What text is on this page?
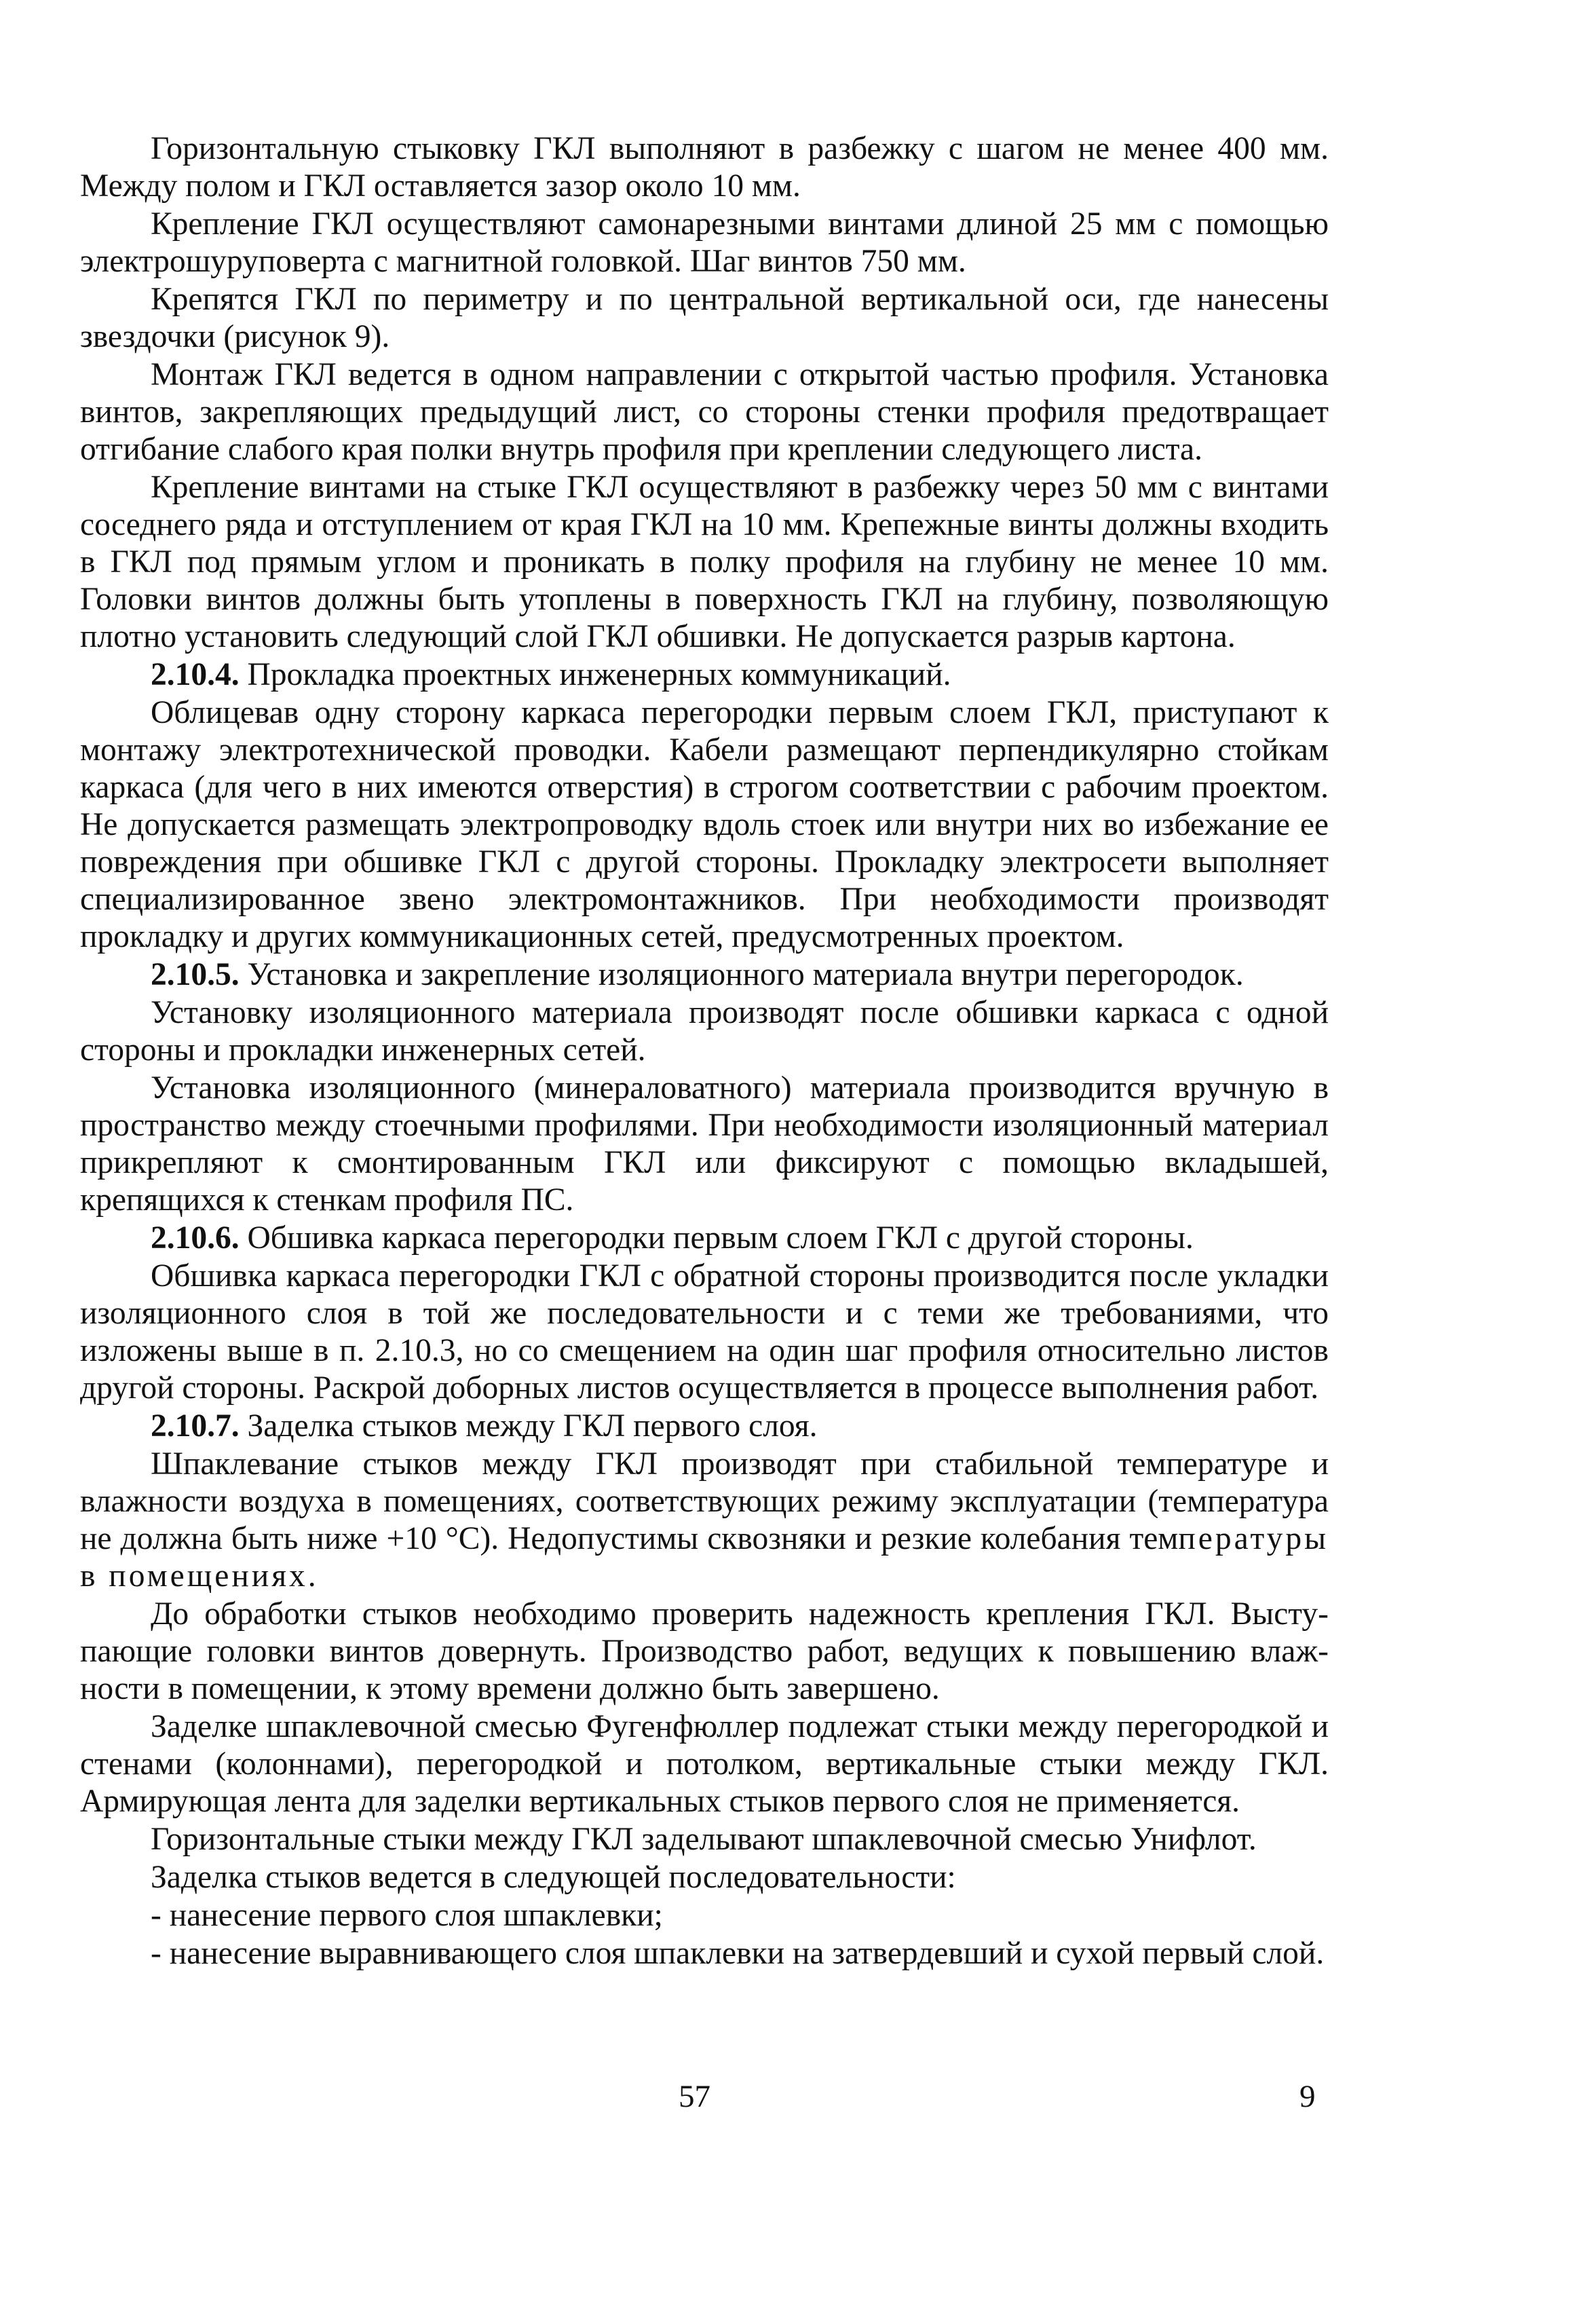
Горизонтальную стыковку ГКЛ выполняют в разбежку с шагом не менее 400 мм. Между полом и ГКЛ оставляется зазор около 10 мм.

Крепление ГКЛ осуществляют самонарезными винтами длиной 25 мм с помощью электрошуруповерта с магнитной головкой. Шаг винтов 750 мм.

Крепятся ГКЛ по периметру и по центральной вертикальной оси, где нанесены звездочки (рисунок 9).

Монтаж ГКЛ ведется в одном направлении с открытой частью профиля. Установка винтов, закрепляющих предыдущий лист, со стороны стенки профиля предотвращает отгибание слабого края полки внутрь профиля при креплении следующего листа.

Крепление винтами на стыке ГКЛ осуществляют в разбежку через 50 мм с винтами соседнего ряда и отступлением от края ГКЛ на 10 мм. Крепежные винты должны входить в ГКЛ под прямым углом и проникать в полку профиля на глубину не менее 10 мм. Головки винтов должны быть утоплены в поверхность ГКЛ на глубину, позволяющую плотно установить следующий слой ГКЛ обшивки. Не допускается разрыв картона.

2.10.4. Прокладка проектных инженерных коммуникаций.

Облицевав одну сторону каркаса перегородки первым слоем ГКЛ, приступают к монтажу электротехнической проводки. Кабели размещают перпендикулярно стойкам каркаса (для чего в них имеются отверстия) в строгом соответствии с рабочим проектом. Не допускается размещать электропроводку вдоль стоек или внутри них во избежание ее повреждения при обшивке ГКЛ с другой стороны. Прокладку электросети выполняет специализированное звено электромонтажников. При необходимости производят прокладку и других коммуникационных сетей, предусмотренных проектом.

2.10.5. Установка и закрепление изоляционного материала внутри перегородок.

Установку изоляционного материала производят после обшивки каркаса с одной стороны и прокладки инженерных сетей.

Установка изоляционного (минераловатного) материала производится вручную в пространство между стоечными профилями. При необходимости изоляционный материал прикрепляют к смонтированным ГКЛ или фиксируют с помощью вкладышей, крепящихся к стенкам профиля ПС.

2.10.6. Обшивка каркаса перегородки первым слоем ГКЛ с другой стороны.

Обшивка каркаса перегородки ГКЛ с обратной стороны производится после укладки изоляционного слоя в той же последовательности и с теми же требованиями, что изложены выше в п. 2.10.3, но со смещением на один шаг профиля относительно листов другой стороны. Раскрой доборных листов осуществляется в процессе выполнения работ.

2.10.7. Заделка стыков между ГКЛ первого слоя.

Шпаклевание стыков между ГКЛ производят при стабильной температуре и влажности воздуха в помещениях, соответствующих режиму эксплуатации (температура не должна быть ниже +10 °С). Недопустимы сквозняки и резкие колебания температуры в помещениях.

До обработки стыков необходимо проверить надежность крепления ГКЛ. Выступающие головки винтов довернуть. Производство работ, ведущих к повышению влажности в помещении, к этому времени должно быть завершено.

Заделке шпаклевочной смесью Фугенфюллер подлежат стыки между перегородкой и стенами (колоннами), перегородкой и потолком, вертикальные стыки между ГКЛ. Армирующая лента для заделки вертикальных стыков первого слоя не применяется.

Горизонтальные стыки между ГКЛ заделывают шпаклевочной смесью Унифлот.

Заделка стыков ведется в следующей последовательности:

- нанесение первого слоя шпаклевки;

- нанесение выравнивающего слоя шпаклевки на затвердевший и сухой первый слой.

57	9
